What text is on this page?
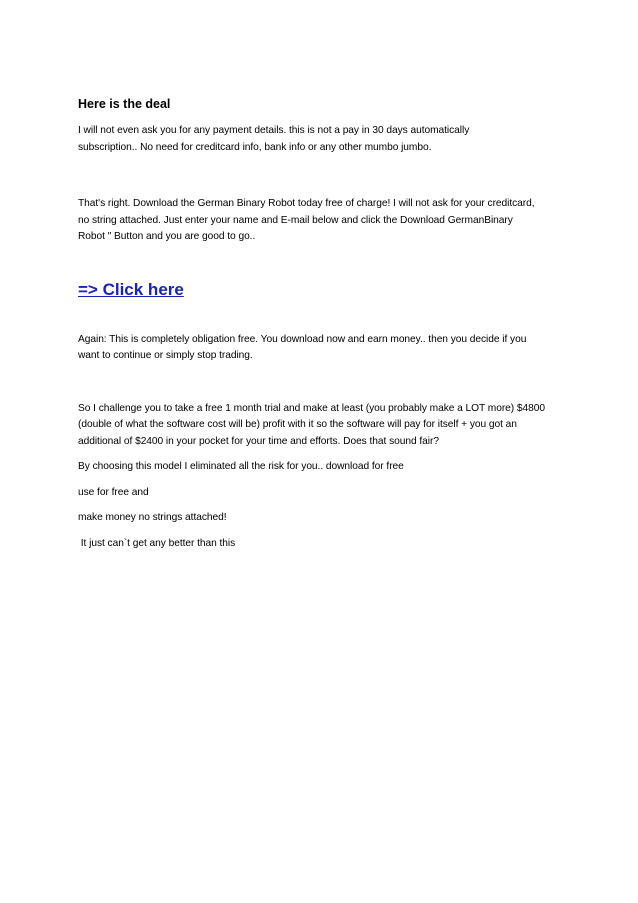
Here is the deal

I will not even ask you for any payment details. this is not a pay in 30 days automatically subscription.. No need for creditcard info, bank info or any other mumbo jumbo.

That's right. Download the German Binary Robot today free of charge! I will not ask for your creditcard, no string attached. Just enter your name and E-mail below and click the Download GermanBinary Robot " Button and you are good to go..

=> Click here

Again: This is completely obligation free. You download now and earn money.. then you decide if you want to continue or simply stop trading.

So I challenge you to take a free 1 month trial and make at least (you probably make a LOT more) $4800 (double of what the software cost will be) profit with it so the software will pay for itself + you got an additional of $2400 in your pocket for your time and efforts. Does that sound fair?

By choosing this model I eliminated all the risk for you.. download for free

use for free and

make money no strings attached!

It just can`t get any better than this
